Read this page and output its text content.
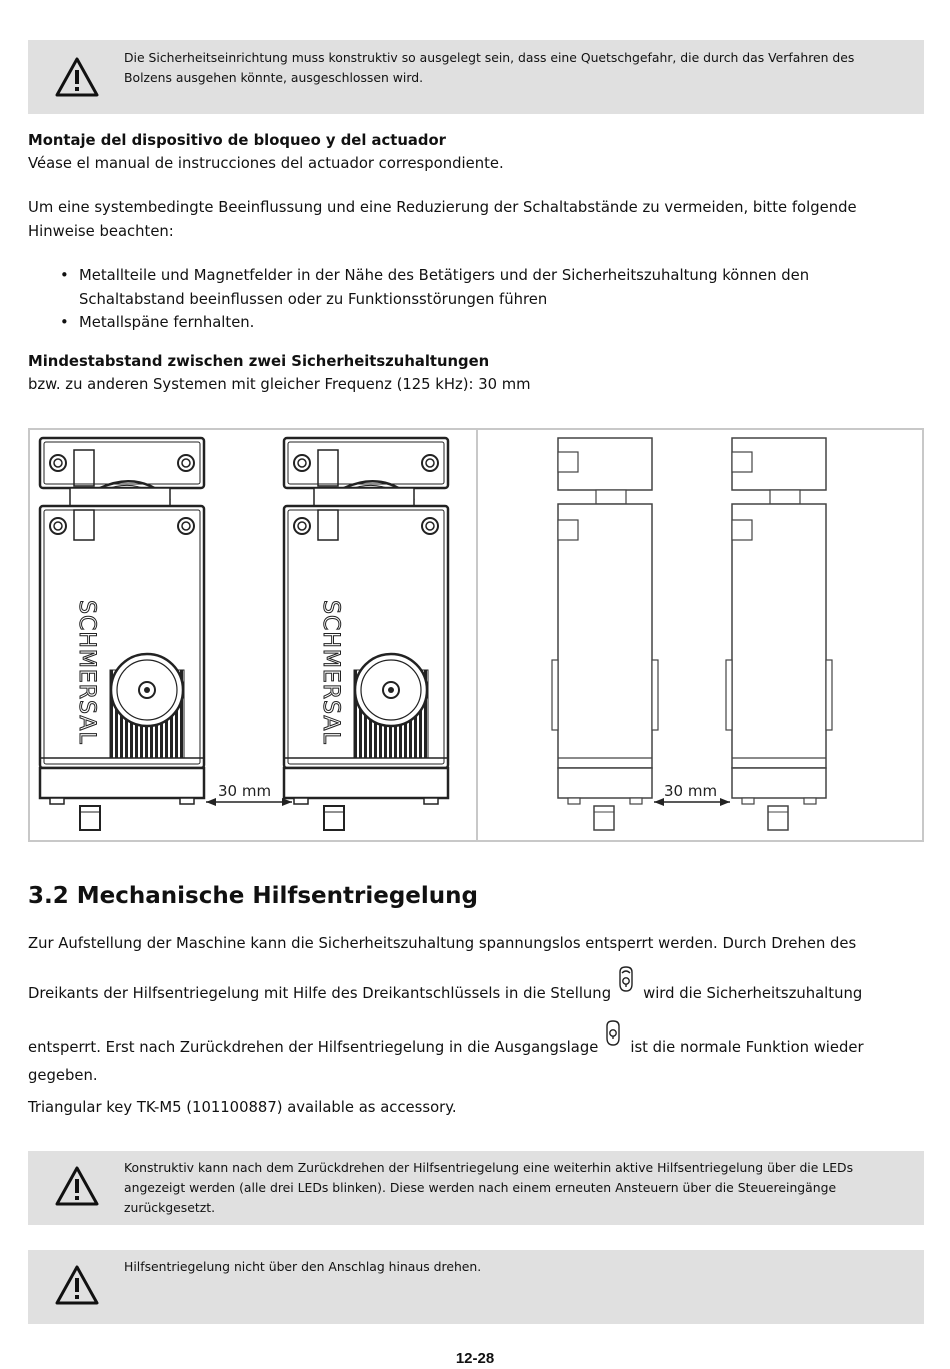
Die Sicherheitseinrichtung muss konstruktiv so ausgelegt sein, dass eine Quetschgefahr, die durch das Verfahren des Bolzens ausgehen könnte, ausgeschlossen wird.
Montaje del dispositivo de bloqueo y del actuador
Véase el manual de instrucciones del actuador correspondiente.
Um eine systembedingte Beeinflussung und eine Reduzierung der Schaltabstände zu vermeiden, bitte folgende Hinweise beachten:
• Metallteile und Magnetfelder in der Nähe des Betätigers und der Sicherheitszuhaltung können den Schaltabstand beeinflussen oder zu Funktionsstörungen führen
• Metallspäne fernhalten.
Mindestabstand zwischen zwei Sicherheitszuhaltungen
bzw. zu anderen Systemen mit gleicher Frequenz (125 kHz): 30 mm
SCHMERSAL	SCHMERSAL
30 mm	30 mm
3.2 Mechanische Hilfsentriegelung
Zur Aufstellung der Maschine kann die Sicherheitszuhaltung spannungslos entsperrt werden. Durch Drehen des
Dreikants der Hilfsentriegelung mit Hilfe des Dreikantschlüssels in die Stellung wird die Sicherheitszuhaltung
entsperrt. Erst nach Zurückdrehen der Hilfsentriegelung in die Ausgangslage ist die normale Funktion wieder
gegeben.
Triangular key TK-M5 (101100887) available as accessory.
Konstruktiv kann nach dem Zurückdrehen der Hilfsentriegelung eine weiterhin aktive Hilfsentriegelung über die LEDs angezeigt werden (alle drei LEDs blinken). Diese werden nach einem erneuten Ansteuern über die Steuereingänge zurückgesetzt.
Hilfsentriegelung nicht über den Anschlag hinaus drehen.
12-28
